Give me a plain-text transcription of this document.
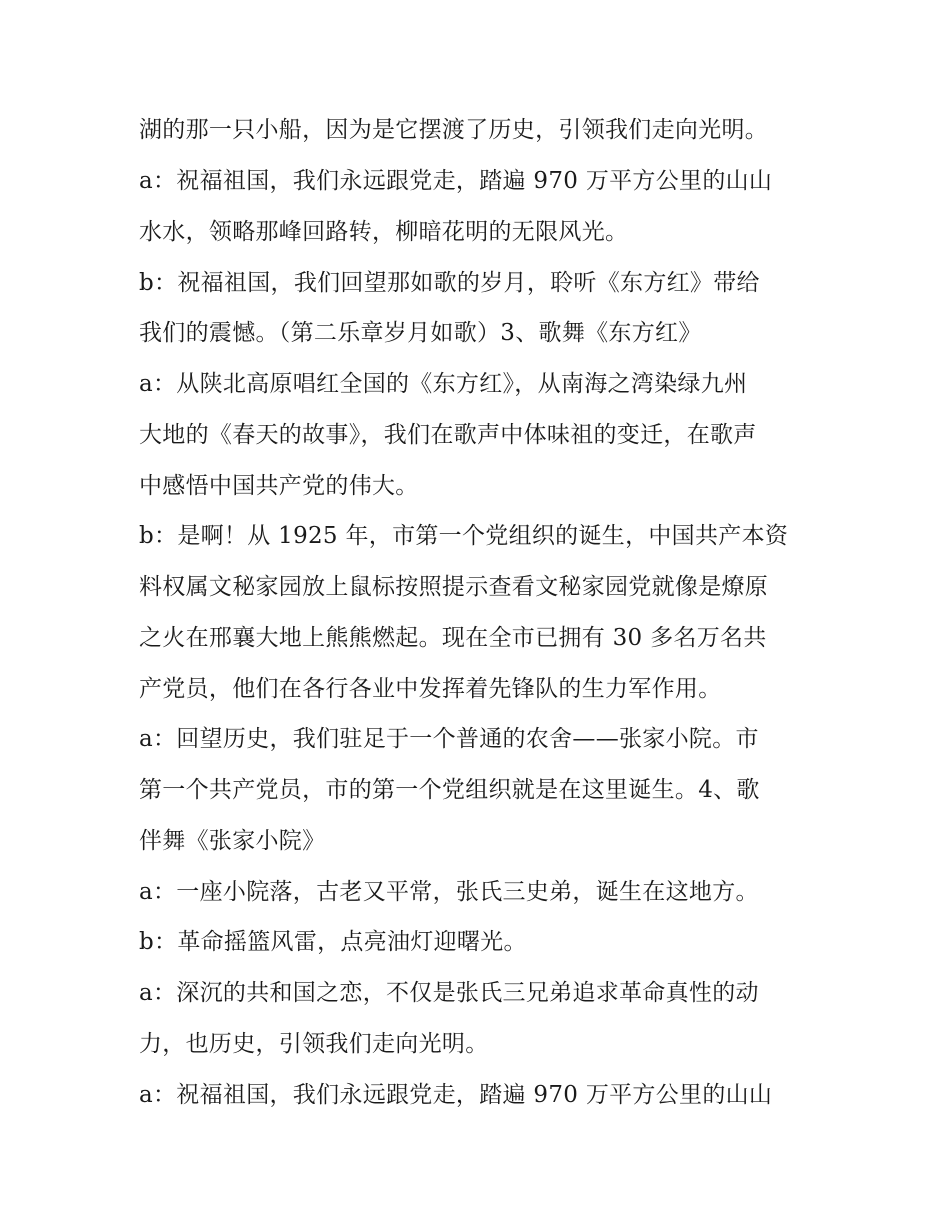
湖的那一只小船，因为是它摆渡了历史，引领我们走向光明。
a：祝福祖国，我们永远跟党走，踏遍 970 万平方公里的山山
水水，领略那峰回路转，柳暗花明的无限风光。
b：祝福祖国，我们回望那如歌的岁月，聆听《东方红》带给
我们的震憾。（第二乐章岁月如歌）3、歌舞《东方红》
a：从陕北高原唱红全国的《东方红》，从南海之湾染绿九州
大地的《春天的故事》，我们在歌声中体味祖的变迁，在歌声
中感悟中国共产党的伟大。
b：是啊！从 1925 年，市第一个党组织的诞生，中国共产本资
料权属文秘家园放上鼠标按照提示查看文秘家园党就像是燎原
之火在邢襄大地上熊熊燃起。现在全市已拥有 30 多名万名共
产党员，他们在各行各业中发挥着先锋队的生力军作用。
a：回望历史，我们驻足于一个普通的农舍——张家小院。市
第一个共产党员，市的第一个党组织就是在这里诞生。4、歌
伴舞《张家小院》
a：一座小院落，古老又平常，张氏三史弟，诞生在这地方。
b：革命摇篮风雷，点亮油灯迎曙光。
a：深沉的共和国之恋，不仅是张氏三兄弟追求革命真性的动
力，也历史，引领我们走向光明。
a：祝福祖国，我们永远跟党走，踏遍 970 万平方公里的山山
